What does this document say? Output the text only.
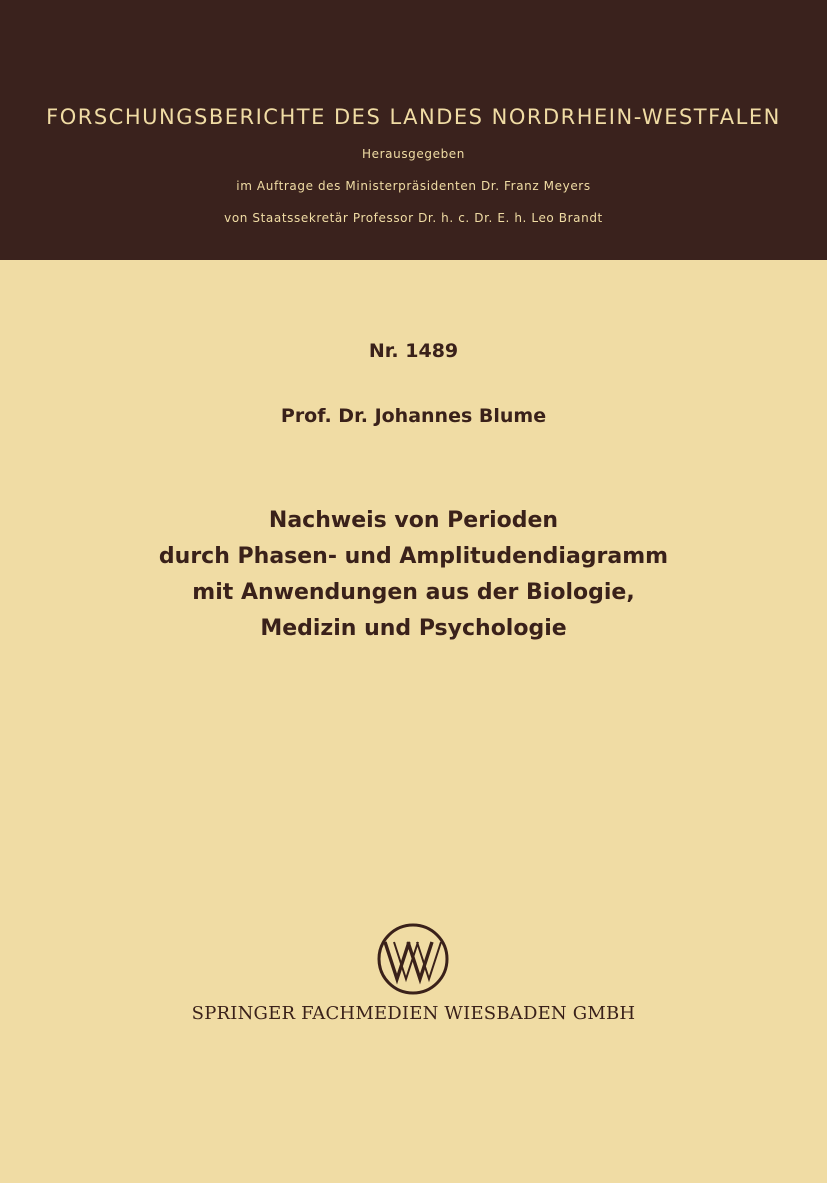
FORSCHUNGSBERICHTE DES LANDES NORDRHEIN-WESTFALEN
Herausgegeben
im Auftrage des Ministerpräsidenten Dr. Franz Meyers
von Staatssekretär Professor Dr. h. c. Dr. E. h. Leo Brandt
Nr. 1489
Prof. Dr. Johannes Blume
Nachweis von Perioden
durch Phasen- und Amplitudendiagramm
mit Anwendungen aus der Biologie,
Medizin und Psychologie
SPRINGER FACHMEDIEN WIESBADEN GMBH
